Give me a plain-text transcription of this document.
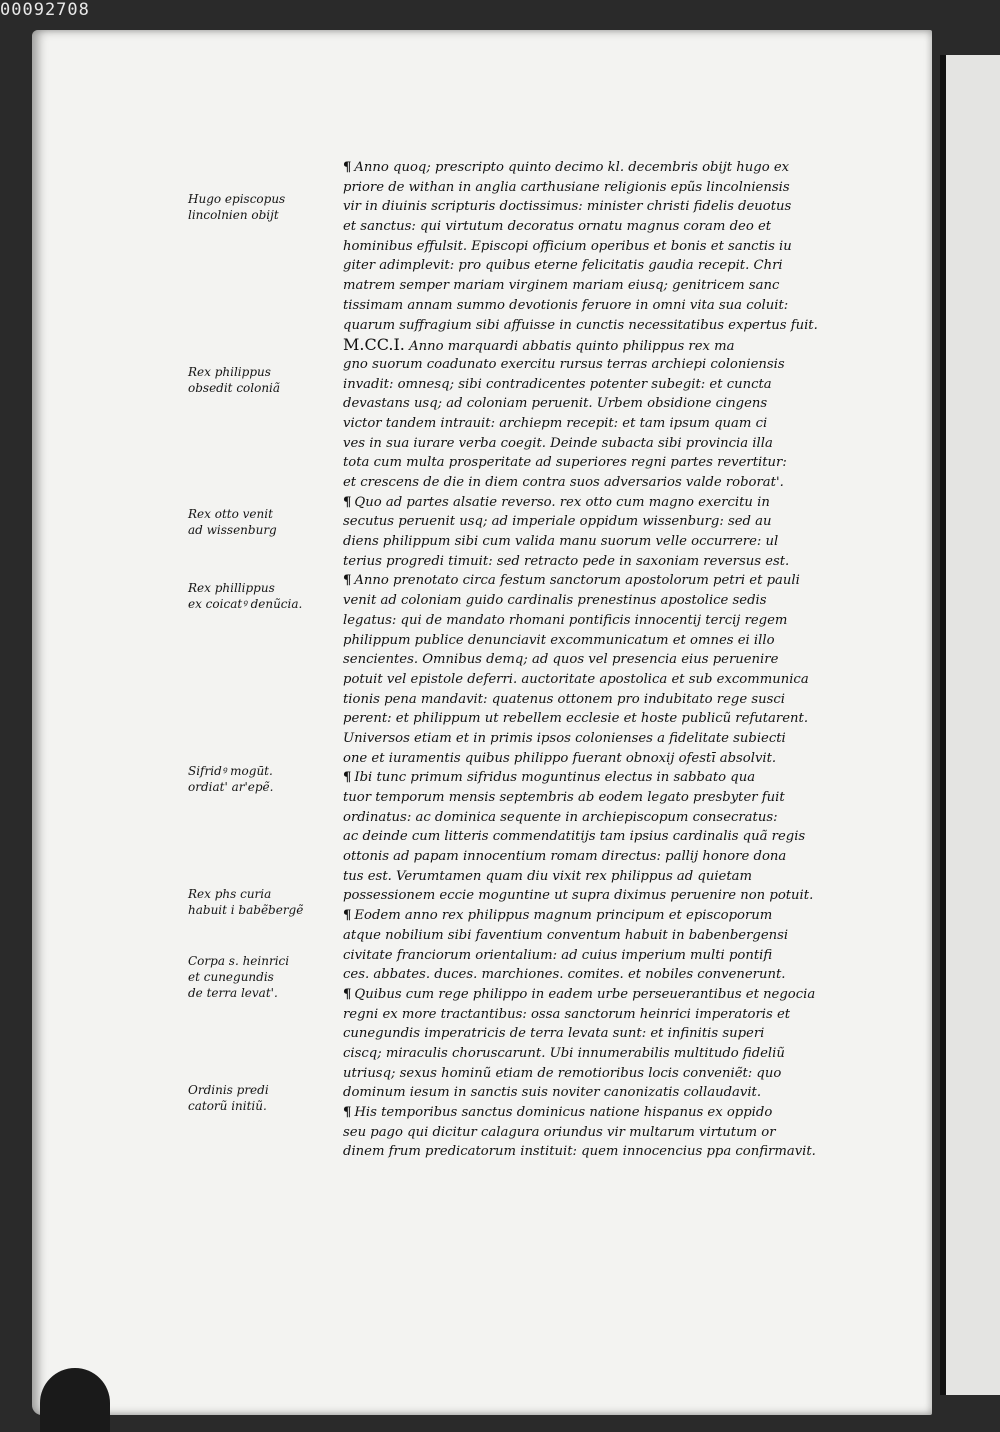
00092708
Hugo episcopus
lincolnien obijt
Rex philippus
obsedit coloniã
Rex otto venit
ad wissenburg
Rex phillippus
ex coicatꝰ denũcia.
Sifridꝰ mogūt.
ordiat' ar'epẽ.
Rex phs curia
habuit i babẽbergẽ
Corpa s. heinrici
et cunegundis
de terra levat'.
Ordinis predi
catorũ initiũ.
¶ Anno quoq; prescripto quinto decimo kl. decembris obijt hugo ex
priore de withan in anglia carthusiane religionis epũs lincolniensis
vir in diuinis scripturis doctissimus: minister christi fidelis deuotus
et sanctus: qui virtutum decoratus ornatu magnus coram deo et
hominibus effulsit. Episcopi officium operibus et bonis et sanctis iu
giter adimplevit: pro quibus eterne felicitatis gaudia recepit. Chri
matrem semper mariam virginem mariam eiusq; genitricem sanc
tissimam annam summo devotionis feruore in omni vita sua coluit:
quarum suffragium sibi affuisse in cunctis necessitatibus expertus fuit.
M.CC.I. Anno marquardi abbatis quinto philippus rex ma
gno suorum coadunato exercitu rursus terras archiepi coloniensis
invadit: omnesq; sibi contradicentes potenter subegit: et cuncta
devastans usq; ad coloniam peruenit. Urbem obsidione cingens
victor tandem intrauit: archiepm recepit: et tam ipsum quam ci
ves in sua iurare verba coegit. Deinde subacta sibi provincia illa
tota cum multa prosperitate ad superiores regni partes revertitur:
et crescens de die in diem contra suos adversarios valde roborat'.
¶ Quo ad partes alsatie reverso. rex otto cum magno exercitu in
secutus peruenit usq; ad imperiale oppidum wissenburg: sed au
diens philippum sibi cum valida manu suorum velle occurrere: ul
terius progredi timuit: sed retracto pede in saxoniam reversus est.
¶ Anno prenotato circa festum sanctorum apostolorum petri et pauli
venit ad coloniam guido cardinalis prenestinus apostolice sedis
legatus: qui de mandato rhomani pontificis innocentij tercij regem
philippum publice denunciavit excommunicatum et omnes ei illo
sencientes. Omnibus demq; ad quos vel presencia eius peruenire
potuit vel epistole deferri. auctoritate apostolica et sub excommunica
tionis pena mandavit: quatenus ottonem pro indubitato rege susci
perent: et philippum ut rebellem ecclesie et hoste publicũ refutarent.
Universos etiam et in primis ipsos colonienses a fidelitate subiecti
one et iuramentis quibus philippo fuerant obnoxij ofestī absolvit.
¶ Ibi tunc primum sifridus moguntinus electus in sabbato qua
tuor temporum mensis septembris ab eodem legato presbyter fuit
ordinatus: ac dominica sequente in archiepiscopum consecratus:
ac deinde cum litteris commendatitijs tam ipsius cardinalis quã regis
ottonis ad papam innocentium romam directus: pallij honore dona
tus est. Verumtamen quam diu vixit rex philippus ad quietam
possessionem eccie moguntine ut supra diximus peruenire non potuit.
¶ Eodem anno rex philippus magnum principum et episcoporum
atque nobilium sibi faventium conventum habuit in babenbergensi
civitate franciorum orientalium: ad cuius imperium multi pontifi
ces. abbates. duces. marchiones. comites. et nobiles convenerunt.
¶ Quibus cum rege philippo in eadem urbe perseuerantibus et negocia
regni ex more tractantibus: ossa sanctorum heinrici imperatoris et
cunegundis imperatricis de terra levata sunt: et infinitis superi
ciscq; miraculis choruscarunt. Ubi innumerabilis multitudo fideliũ
utriusq; sexus hominũ etiam de remotioribus locis conveniẽt: quo
dominum iesum in sanctis suis noviter canonizatis collaudavit.
¶ His temporibus sanctus dominicus natione hispanus ex oppido
seu pago qui dicitur calagura oriundus vir multarum virtutum or
dinem frum predicatorum instituit: quem innocencius ppa confirmavit.
